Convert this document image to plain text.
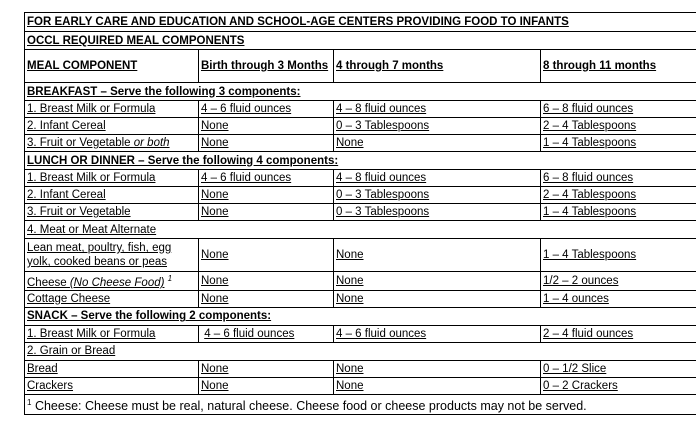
FOR EARLY CARE AND EDUCATION AND SCHOOL-AGE CENTERS PROVIDING FOOD TO INFANTS			
OCCL REQUIRED MEAL COMPONENTS			
MEAL COMPONENT	Birth through 3 Months	4 through 7 months	8 through 11 months
BREAKFAST – Serve the following 3 components:			
1. Breast Milk or Formula	4 – 6 fluid ounces	4 – 8 fluid ounces	6 – 8 fluid ounces
2. Infant Cereal	None	0 – 3 Tablespoons	2 – 4 Tablespoons
3. Fruit or Vegetable or both	None	None	1 – 4 Tablespoons
LUNCH OR DINNER – Serve the following 4 components:			
1. Breast Milk or Formula	4 – 6 fluid ounces	4 – 8 fluid ounces	6 – 8 fluid ounces
2. Infant Cereal	None	0 – 3 Tablespoons	2 – 4 Tablespoons
3. Fruit or Vegetable	None	0 – 3 Tablespoons	1 – 4 Tablespoons
4. Meat or Meat Alternate			
Lean meat, poultry, fish, egg yolk, cooked beans or peas	None	None	1 – 4 Tablespoons
Cheese (No Cheese Food) $^1$	None	None	1/2 – 2 ounces
Cottage Cheese	None	None	1 – 4 ounces
SNACK – Serve the following 2 components:			
1. Breast Milk or Formula	4 – 6 fluid ounces	4 – 6 fluid ounces	2 – 4 fluid ounces
2. Grain or Bread			
Bread	None	None	0 – 1/2 Slice
Crackers	None	None	0 – 2 Crackers
$^1$ Cheese: Cheese must be real, natural cheese. Cheese food or cheese products may not be served.			
